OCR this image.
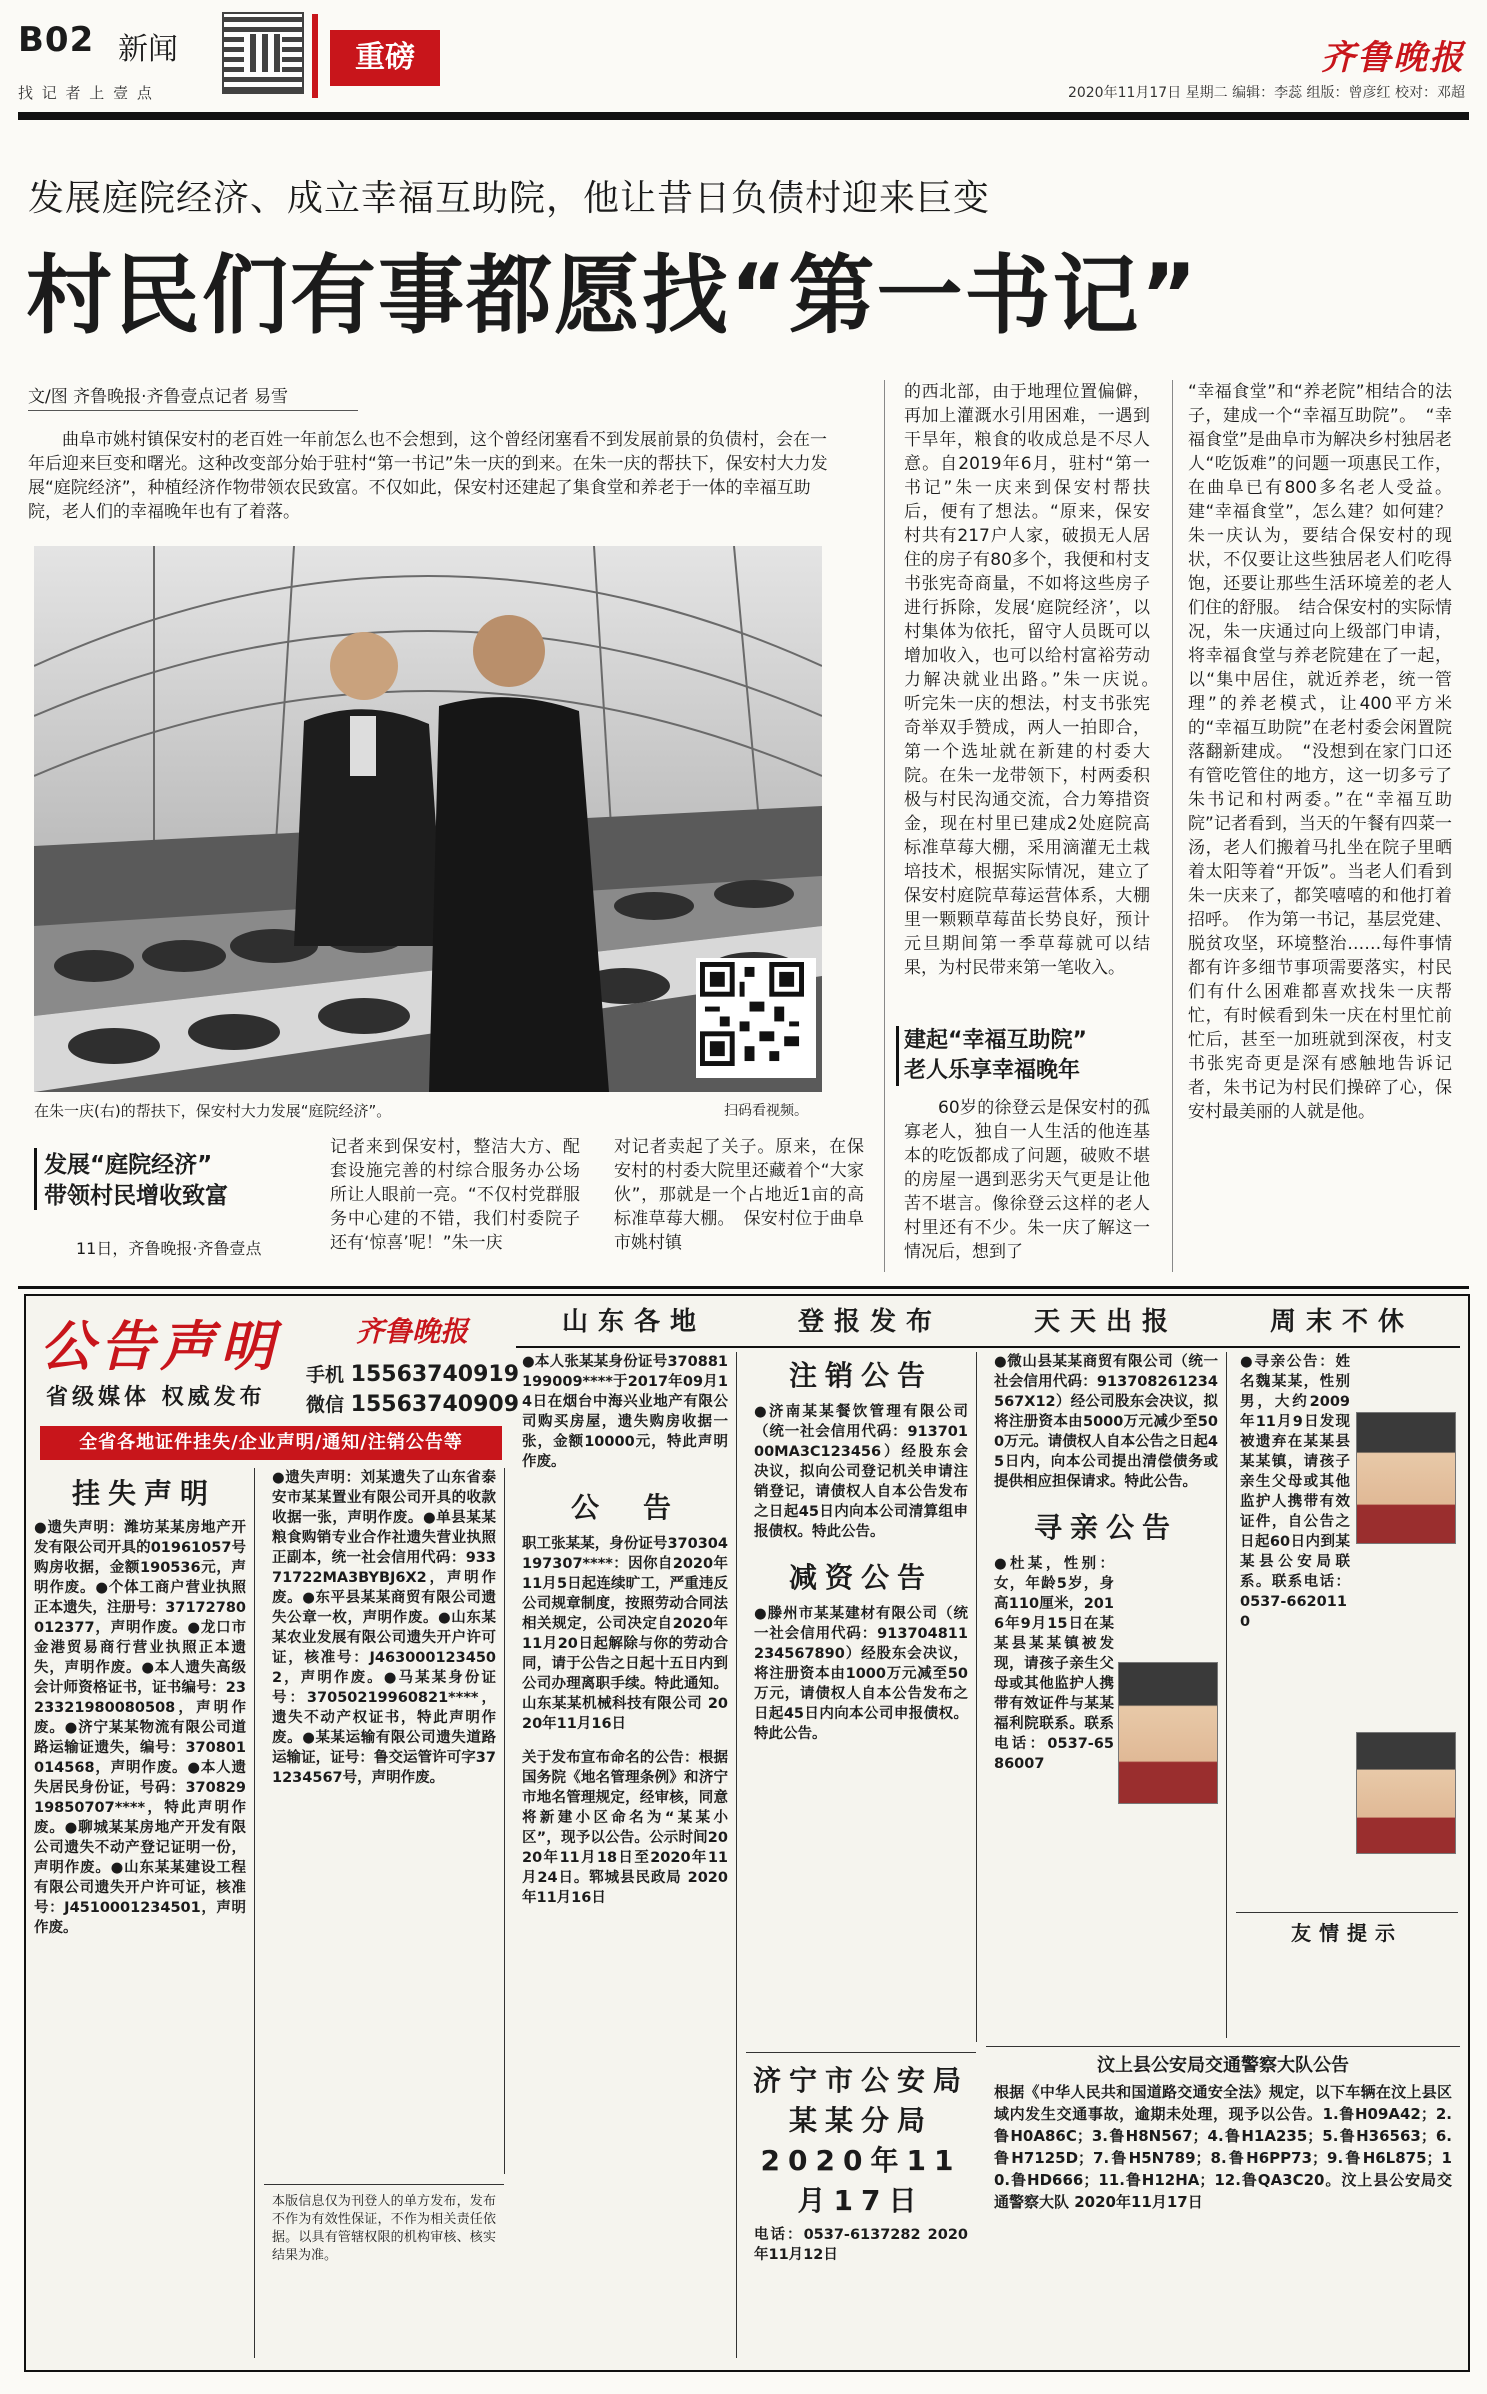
B02 新闻
找 记 者 上 壹 点
重磅	齐鲁晚报
2020年11月17日 星期二 编辑：李蕊 组版：曾彦红 校对：邓超
发展庭院经济、成立幸福互助院，他让昔日负债村迎来巨变
村民们有事都愿找“第一书记”
文/图 齐鲁晚报·齐鲁壹点记者 易雪
曲阜市姚村镇保安村的老百姓一年前怎么也不会想到，这个曾经闭塞看不到发展前景的负债村，会在一年后迎来巨变和曙光。这种改变部分始于驻村“第一书记”朱一庆的到来。在朱一庆的帮扶下，保安村大力发展“庭院经济”，种植经济作物带领农民致富。不仅如此，保安村还建起了集食堂和养老于一体的幸福互助院，老人们的幸福晚年也有了着落。
在朱一庆(右)的帮扶下，保安村大力发展“庭院经济”。	扫码看视频。
发展“庭院经济”
带领村民增收致富
11日，齐鲁晚报·齐鲁壹点
记者来到保安村，整洁大方、配套设施完善的村综合服务办公场所让人眼前一亮。“不仅村党群服务中心建的不错，我们村委院子还有‘惊喜’呢！”朱一庆
对记者卖起了关子。原来，在保安村的村委大院里还藏着个“大家伙”，那就是一个占地近1亩的高标准草莓大棚。　保安村位于曲阜市姚村镇
的西北部，由于地理位置偏僻，再加上灌溉水引用困难，一遇到干旱年，粮食的收成总是不尽人意。自2019年6月，驻村“第一书记”朱一庆来到保安村帮扶后，便有了想法。“原来，保安村共有217户人家，破损无人居住的房子有80多个，我便和村支书张宪奇商量，不如将这些房子进行拆除，发展‘庭院经济’，以村集体为依托，留守人员既可以增加收入，也可以给村富裕劳动力解决就业出路。”朱一庆说。　听完朱一庆的想法，村支书张宪奇举双手赞成，两人一拍即合，第一个选址就在新建的村委大院。在朱一龙带领下，村两委积极与村民沟通交流，合力筹措资金，现在村里已建成2处庭院高标准草莓大棚，采用滴灌无土栽培技术，根据实际情况，建立了保安村庭院草莓运营体系，大棚里一颗颗草莓苗长势良好，预计元旦期间第一季草莓就可以结果，为村民带来第一笔收入。
建起“幸福互助院”
老人乐享幸福晚年
60岁的徐登云是保安村的孤寡老人，独自一人生活的他连基本的吃饭都成了问题，破败不堪的房屋一遇到恶劣天气更是让他苦不堪言。像徐登云这样的老人村里还有不少。朱一庆了解这一情况后，想到了
“幸福食堂”和“养老院”相结合的法子，建成一个“幸福互助院”。　“幸福食堂”是曲阜市为解决乡村独居老人“吃饭难”的问题一项惠民工作，在曲阜已有800多名老人受益。建“幸福食堂”，怎么建？如何建？朱一庆认为，要结合保安村的现状，不仅要让这些独居老人们吃得饱，还要让那些生活环境差的老人们住的舒服。　结合保安村的实际情况，朱一庆通过向上级部门申请，将幸福食堂与养老院建在了一起，以“集中居住，就近养老，统一管理”的养老模式，让400平方米的“幸福互助院”在老村委会闲置院落翻新建成。　“没想到在家门口还有管吃管住的地方，这一切多亏了朱书记和村两委。”在“幸福互助院”记者看到，当天的午餐有四菜一汤，老人们搬着马扎坐在院子里晒着太阳等着“开饭”。当老人们看到朱一庆来了，都笑嘻嘻的和他打着招呼。　作为第一书记，基层党建、脱贫攻坚，环境整治……每件事情都有许多细节事项需要落实，村民们有什么困难都喜欢找朱一庆帮忙，有时候看到朱一庆在村里忙前忙后，甚至一加班就到深夜，村支书张宪奇更是深有感触地告诉记者，朱书记为村民们操碎了心，保安村最美丽的人就是他。
公告声明	齐鲁晚报
手机 15563740919
微信 15563740909
省级媒体 权威发布
全省各地证件挂失/企业声明/通知/注销公告等
山东各地	登报发布	天天出报	周末不休
挂失声明
●遗失声明：潍坊某某房地产开发有限公司开具的01961057号购房收据，金额190536元，声明作废。●个体工商户营业执照正本遗失，注册号：37172780012377，声明作废。●龙口市金港贸易商行营业执照正本遗失，声明作废。●本人遗失高级会计师资格证书，证书编号：2323321980080508，声明作废。●济宁某某物流有限公司道路运输证遗失，编号：370801014568，声明作废。●本人遗失居民身份证，号码：37082919850707****，特此声明作废。●聊城某某房地产开发有限公司遗失不动产登记证明一份，声明作废。●山东某某建设工程有限公司遗失开户许可证，核准号：J4510001234501，声明作废。
●遗失声明：刘某遗失了山东省泰安市某某置业有限公司开具的收款收据一张，声明作废。●单县某某粮食购销专业合作社遗失营业执照正副本，统一社会信用代码：93371722MA3BYBJ6X2，声明作废。●东平县某某商贸有限公司遗失公章一枚，声明作废。●山东某某农业发展有限公司遗失开户许可证，核准号：J4630001234502，声明作废。●马某某身份证号：37050219960821****，遗失不动产权证书，特此声明作废。●某某运输有限公司遗失道路运输证，证号：鲁交运管许可字371234567号，声明作废。
本版信息仅为刊登人的单方发布，发布不作为有效性保证，不作为相关责任依据。以具有管辖权限的机构审核、核实结果为准。
●本人张某某身份证号370881199009****于2017年09月14日在烟台中海兴业地产有限公司购买房屋，遗失购房收据一张，金额10000元，特此声明作废。
公　告
职工张某某，身份证号370304197307****：因你自2020年11月5日起连续旷工，严重违反公司规章制度，按照劳动合同法相关规定，公司决定自2020年11月20日起解除与你的劳动合同，请于公告之日起十五日内到公司办理离职手续。特此通知。山东某某机械科技有限公司 2020年11月16日
关于发布宣布命名的公告：根据国务院《地名管理条例》和济宁市地名管理规定，经审核，同意将新建小区命名为“某某小区”，现予以公告。公示时间2020年11月18日至2020年11月24日。郓城县民政局 2020年11月16日
注销公告
●济南某某餐饮管理有限公司（统一社会信用代码：91370100MA3C123456）经股东会决议，拟向公司登记机关申请注销登记，请债权人自本公告发布之日起45日内向本公司清算组申报债权。特此公告。
减资公告
●滕州市某某建材有限公司（统一社会信用代码：913704811234567890）经股东会决议，将注册资本由1000万元减至50万元，请债权人自本公告发布之日起45日内向本公司申报债权。特此公告。
济宁市公安局某某分局 2020年11月17日
电话：0537-6137282 2020年11月12日
●微山县某某商贸有限公司（统一社会信用代码：913708261234567X12）经公司股东会决议，拟将注册资本由5000万元减少至500万元。请债权人自本公告之日起45日内，向本公司提出清偿债务或提供相应担保请求。特此公告。
寻亲公告
●杜某，性别：女，年龄5岁，身高110厘米，2016年9月15日在某某县某某镇被发现，请孩子亲生父母或其他监护人携带有效证件与某某福利院联系。联系电话：0537-6586007
●寻亲公告：姓名魏某某，性别男，大约2009年11月9日发现被遗弃在某某县某某镇，请孩子亲生父母或其他监护人携带有效证件，自公告之日起60日内到某某县公安局联系。联系电话：0537-6620110
友情提示
汶上县公安局交通警察大队公告
根据《中华人民共和国道路交通安全法》规定，以下车辆在汶上县区域内发生交通事故，逾期未处理，现予以公告。1.鲁H09A42；2.鲁H0A86C；3.鲁H8N567；4.鲁H1A235；5.鲁H36563；6.鲁H7125D；7.鲁H5N789；8.鲁H6PP73；9.鲁H6L875；10.鲁HD666；11.鲁H12HA；12.鲁QA3C20。汶上县公安局交通警察大队 2020年11月17日
